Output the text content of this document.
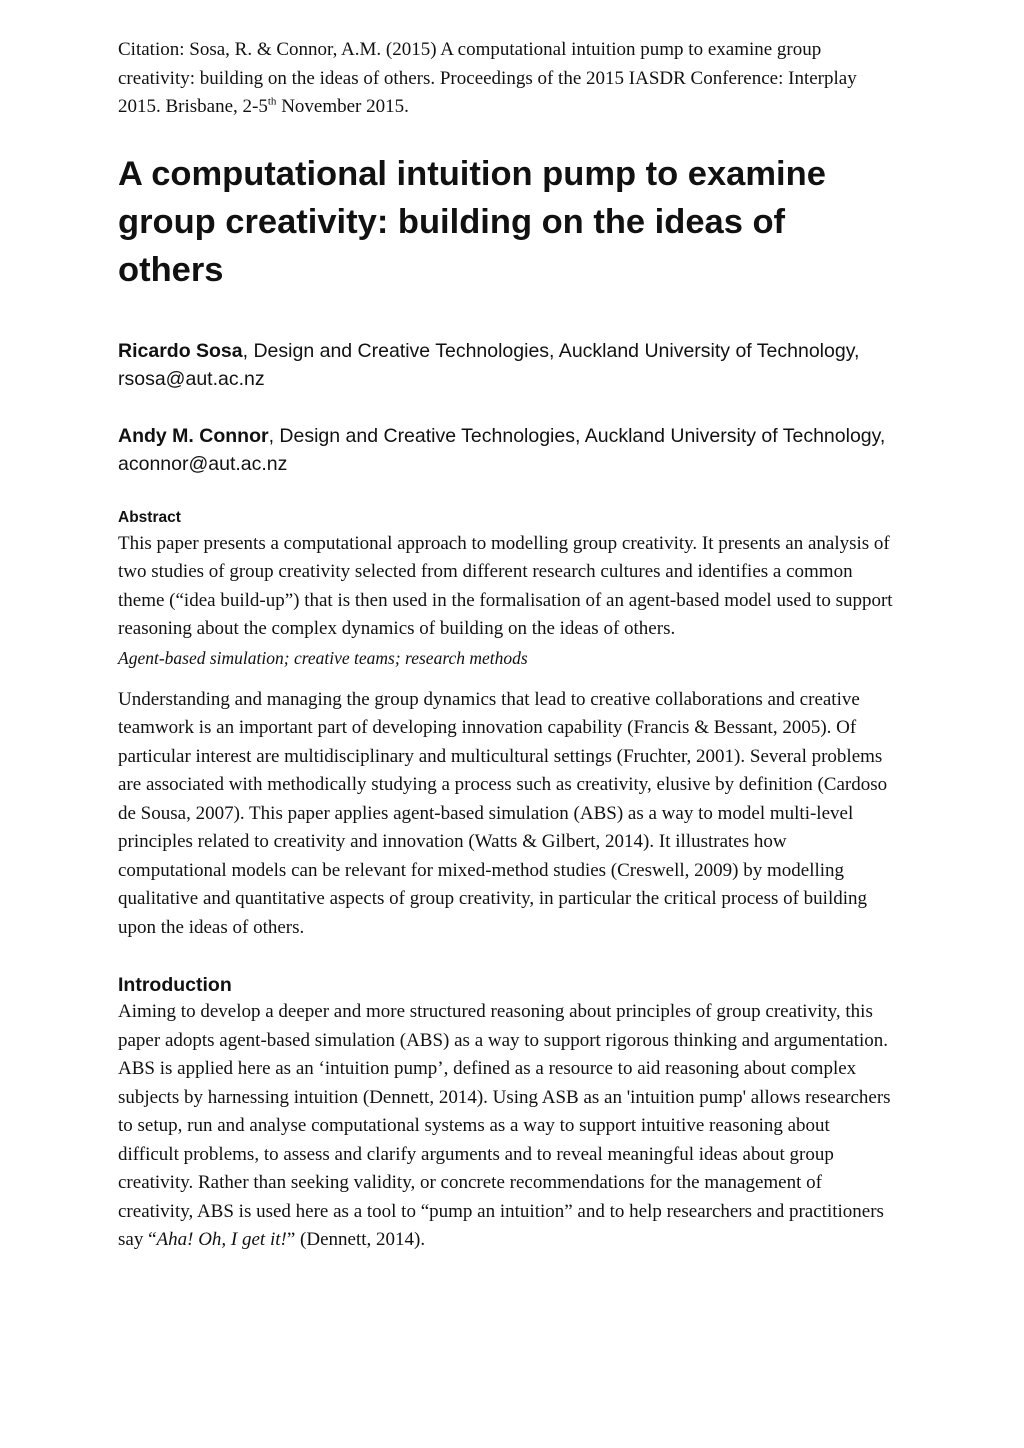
Citation: Sosa, R. & Connor, A.M. (2015) A computational intuition pump to examine group creativity: building on the ideas of others. Proceedings of the 2015 IASDR Conference: Interplay 2015. Brisbane, 2-5th November 2015.

A computational intuition pump to examine group creativity: building on the ideas of others

Ricardo Sosa, Design and Creative Technologies, Auckland University of Technology, rsosa@aut.ac.nz

Andy M. Connor, Design and Creative Technologies, Auckland University of Technology, aconnor@aut.ac.nz

Abstract

This paper presents a computational approach to modelling group creativity. It presents an analysis of two studies of group creativity selected from different research cultures and identifies a common theme (“idea build-up”) that is then used in the formalisation of an agent-based model used to support reasoning about the complex dynamics of building on the ideas of others.

Agent-based simulation; creative teams; research methods

Understanding and managing the group dynamics that lead to creative collaborations and creative teamwork is an important part of developing innovation capability (Francis & Bessant, 2005). Of particular interest are multidisciplinary and multicultural settings (Fruchter, 2001). Several problems are associated with methodically studying a process such as creativity, elusive by definition (Cardoso de Sousa, 2007). This paper applies agent-based simulation (ABS) as a way to model multi-level principles related to creativity and innovation (Watts & Gilbert, 2014). It illustrates how computational models can be relevant for mixed-method studies (Creswell, 2009) by modelling qualitative and quantitative aspects of group creativity, in particular the critical process of building upon the ideas of others.

Introduction

Aiming to develop a deeper and more structured reasoning about principles of group creativity, this paper adopts agent-based simulation (ABS) as a way to support rigorous thinking and argumentation. ABS is applied here as an ‘intuition pump’, defined as a resource to aid reasoning about complex subjects by harnessing intuition (Dennett, 2014). Using ASB as an 'intuition pump' allows researchers to setup, run and analyse computational systems as a way to support intuitive reasoning about difficult problems, to assess and clarify arguments and to reveal meaningful ideas about group creativity. Rather than seeking validity, or concrete recommendations for the management of creativity, ABS is used here as a tool to “pump an intuition” and to help researchers and practitioners say “Aha! Oh, I get it!” (Dennett, 2014).
